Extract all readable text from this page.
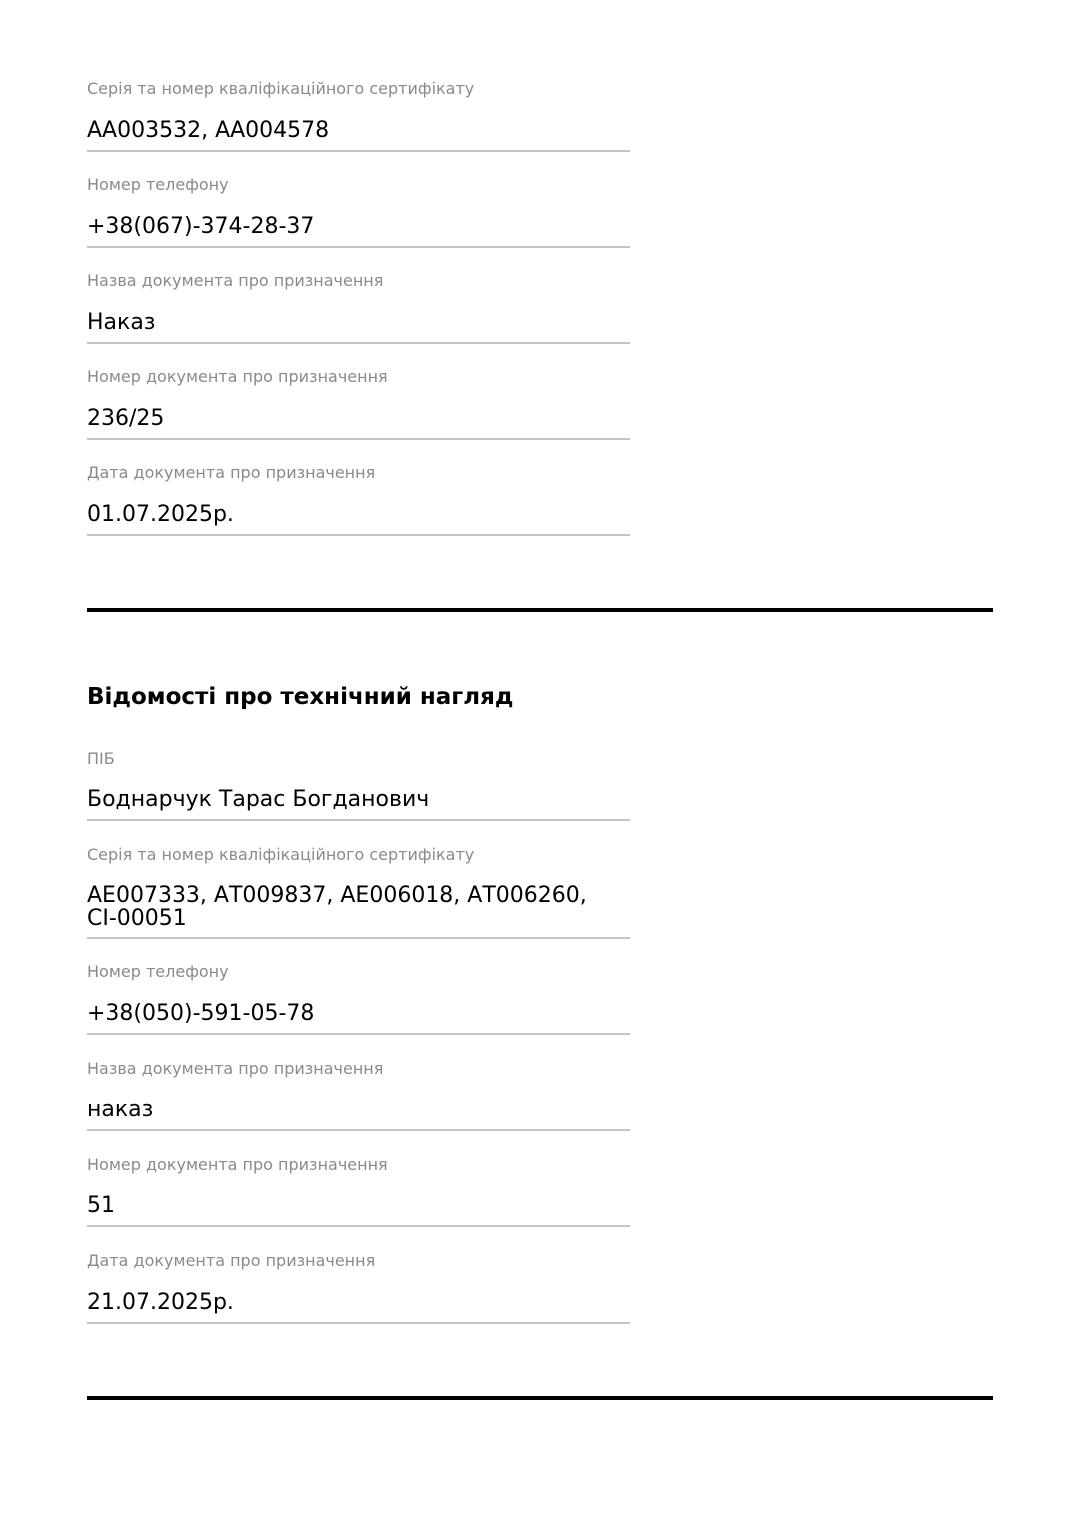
Серія та номер кваліфікаційного сертифікату
АА003532, АА004578
Номер телефону
+38(067)-374-28-37
Назва документа про призначення
Наказ
Номер документа про призначення
236/25
Дата документа про призначення
01.07.2025р.
Відомості про технічний нагляд
ПІБ
Боднарчук Тарас Богданович
Серія та номер кваліфікаційного сертифікату
АЕ007333, АТ009837, АЕ006018, АТ006260, СІ-00051
Номер телефону
+38(050)-591-05-78
Назва документа про призначення
наказ
Номер документа про призначення
51
Дата документа про призначення
21.07.2025р.
